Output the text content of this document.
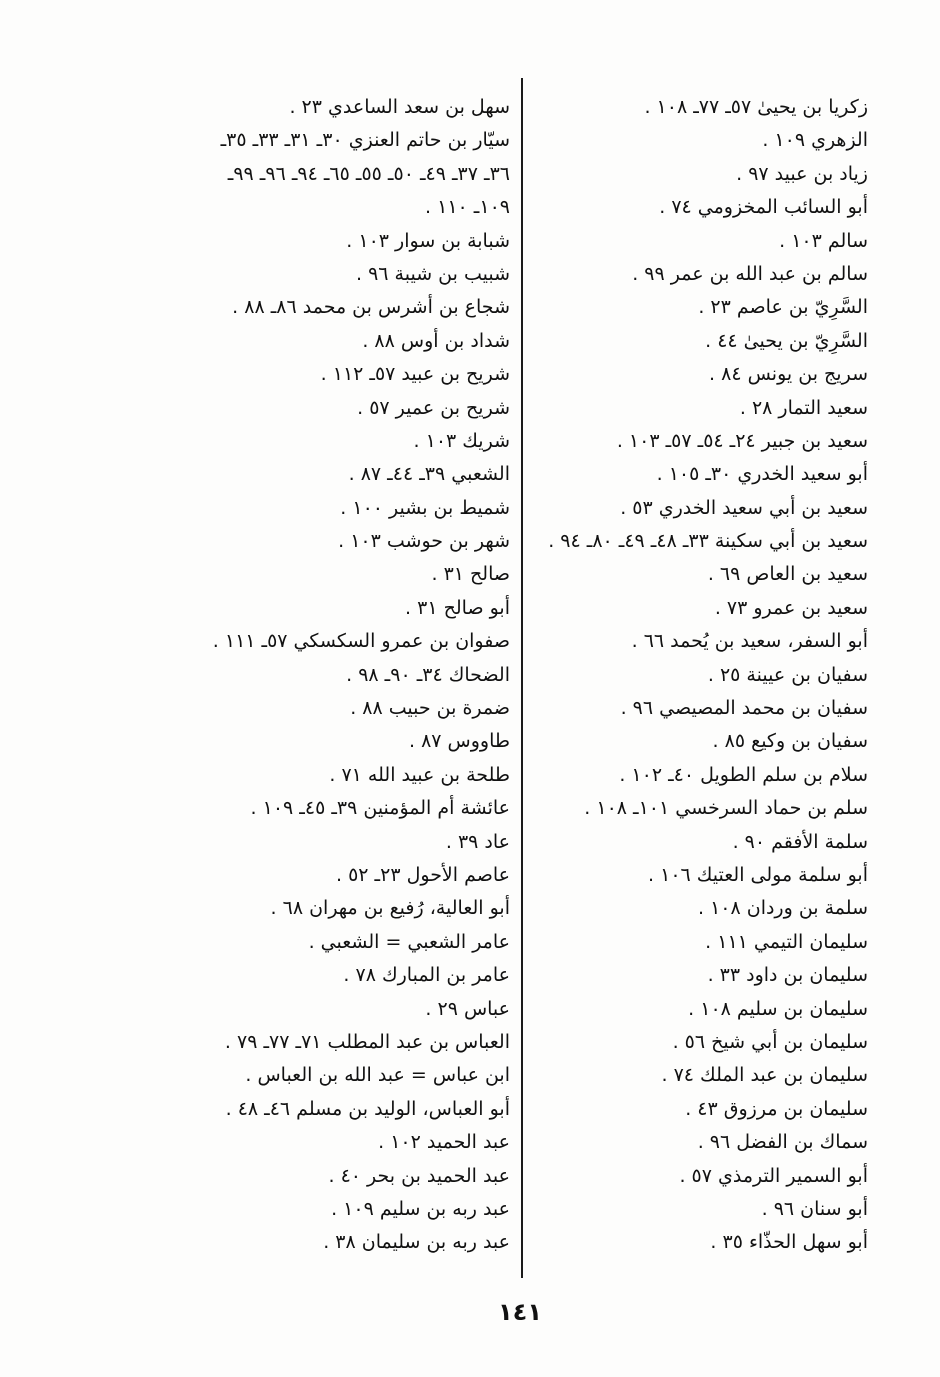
زكريا بن يحيىٰ ٥٧ـ ٧٧ـ ١٠٨ .
الزهري ١٠٩ .
زياد بن عبيد ٩٧ .
أبو السائب المخزومي ٧٤ .
سالم ١٠٣ .
سالم بن عبد الله بن عمر ٩٩ .
السَّرِيّ بن عاصم ٢٣ .
السَّرِيّ بن يحيىٰ ٤٤ .
سريج بن يونس ٨٤ .
سعيد التمار ٢٨ .
سعيد بن جبير ٢٤ـ ٥٤ـ ٥٧ـ ١٠٣ .
أبو سعيد الخدري ٣٠ـ ١٠٥ .
سعيد بن أبي سعيد الخدري ٥٣ .
سعيد بن أبي سكينة ٣٣ـ ٤٨ـ ٤٩ـ ٨٠ـ ٩٤ .
سعيد بن العاص ٦٩ .
سعيد بن عمرو ٧٣ .
أبو السفر، سعيد بن يُحمد ٦٦ .
سفيان بن عيينة ٢٥ .
سفيان بن محمد المصيصي ٩٦ .
سفيان بن وكيع ٨٥ .
سلام بن سلم الطويل ٤٠ـ ١٠٢ .
سلم بن حماد السرخسي ١٠١ـ ١٠٨ .
سلمة الأفقم ٩٠ .
أبو سلمة مولى العتيك ١٠٦ .
سلمة بن وردان ١٠٨ .
سليمان التيمي ١١١ .
سليمان بن داود ٣٣ .
سليمان بن سليم ١٠٨ .
سليمان بن أبي شيخ ٥٦ .
سليمان بن عبد الملك ٧٤ .
سليمان بن مرزوق ٤٣ .
سماك بن الفضل ٩٦ .
أبو السمير الترمذي ٥٧ .
أبو سنان ٩٦ .
أبو سهل الحذّاء ٣٥ .
سهل بن سعد الساعدي ٢٣ .
سيّار بن حاتم العنزي ٣٠ـ ٣١ـ ٣٣ـ ٣٥ـ
٣٦ـ ٣٧ـ ٤٩ـ ٥٠ـ ٥٥ـ ٦٥ـ ٩٤ـ ٩٦ـ ٩٩ـ
١٠٩ـ ١١٠ .
شبابة بن سوار ١٠٣ .
شبيب بن شيبة ٩٦ .
شجاع بن أشرس بن محمد ٨٦ـ ٨٨ .
شداد بن أوس ٨٨ .
شريح بن عبيد ٥٧ـ ١١٢ .
شريح بن عمير ٥٧ .
شريك ١٠٣ .
الشعبي ٣٩ـ ٤٤ـ ٨٧ .
شميط بن بشير ١٠٠ .
شهر بن حوشب ١٠٣ .
صالح ٣١ .
أبو صالح ٣١ .
صفوان بن عمرو السكسكي ٥٧ـ ١١١ .
الضحاك ٣٤ـ ٩٠ـ ٩٨ .
ضمرة بن حبيب ٨٨ .
طاووس ٨٧ .
طلحة بن عبيد الله ٧١ .
عائشة أم المؤمنين ٣٩ـ ٤٥ـ ١٠٩ .
عاد ٣٩ .
عاصم الأحول ٢٣ـ ٥٢ .
أبو العالية، رُفيع بن مهران ٦٨ .
عامر الشعبي = الشعبي .
عامر بن المبارك ٧٨ .
عباس ٢٩ .
العباس بن عبد المطلب ٧١ـ ٧٧ـ ٧٩ .
ابن عباس = عبد الله بن العباس .
أبو العباس، الوليد بن مسلم ٤٦ـ ٤٨ .
عبد الحميد ١٠٢ .
عبد الحميد بن بحر ٤٠ .
عبد ربه بن سليم ١٠٩ .
عبد ربه بن سليمان ٣٨ .
١٤١
